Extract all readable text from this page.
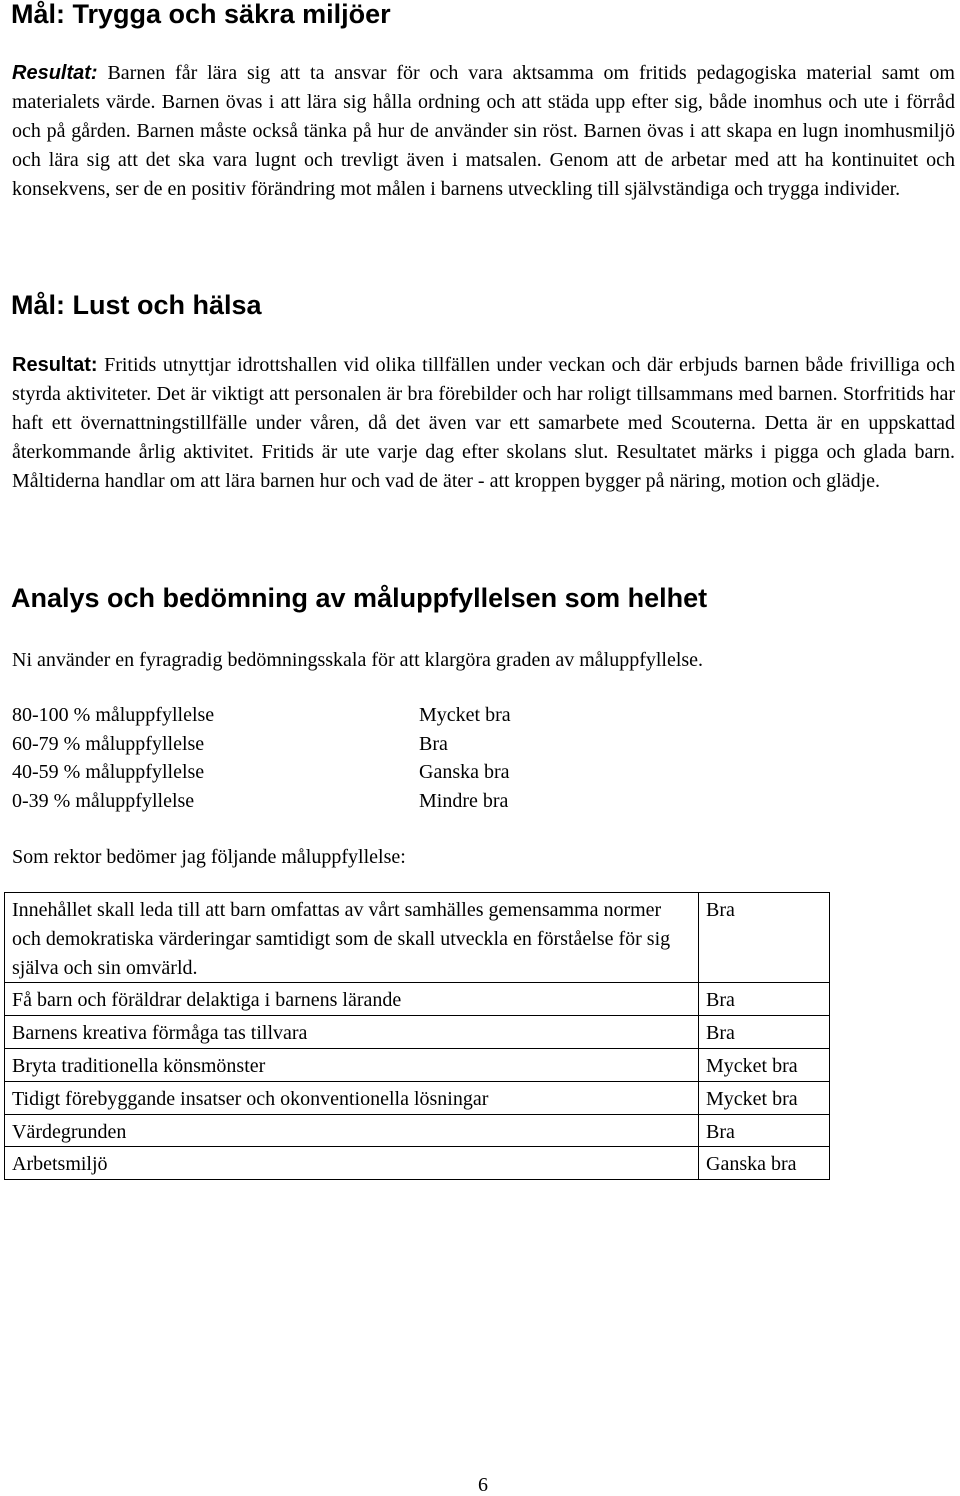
Mål: Trygga och säkra miljöer

Resultat: Barnen får lära sig att ta ansvar för och vara aktsamma om fritids pedagogiska material samt om materialets värde. Barnen övas i att lära sig hålla ordning och att städa upp efter sig, både inomhus och ute i förråd och på gården. Barnen måste också tänka på hur de använder sin röst. Barnen övas i att skapa en lugn inomhusmiljö och lära sig att det ska vara lugnt och trevligt även i matsalen. Genom att de arbetar med att ha kontinuitet och konsekvens, ser de en positiv förändring mot målen i barnens utveckling till självständiga och trygga individer.

Mål: Lust och hälsa

Resultat: Fritids utnyttjar idrottshallen vid olika tillfällen under veckan och där erbjuds barnen både frivilliga och styrda aktiviteter. Det är viktigt att personalen är bra förebilder och har roligt tillsammans med barnen. Storfritids har haft ett övernattningstillfälle under våren, då det även var ett samarbete med Scouterna. Detta är en uppskattad återkommande årlig aktivitet. Fritids är ute varje dag efter skolans slut. Resultatet märks i pigga och glada barn. Måltiderna handlar om att lära barnen hur och vad de äter - att kroppen bygger på näring, motion och glädje.

Analys och bedömning av måluppfyllelsen som helhet

Ni använder en fyragradig bedömningsskala för att klargöra graden av måluppfyllelse.

80-100 % måluppfyllelse	Mycket bra
60-79 % måluppfyllelse	Bra
40-59 % måluppfyllelse	Ganska bra
0-39 % måluppfyllelse	Mindre bra

Som rektor bedömer jag följande måluppfyllelse:

Innehållet skall leda till att barn omfattas av vårt samhälles gemensamma normer och demokratiska värderingar samtidigt som de skall utveckla en förståelse för sig själva och sin omvärld.	Bra
Få barn och föräldrar delaktiga i barnens lärande	Bra
Barnens kreativa förmåga tas tillvara	Bra
Bryta traditionella könsmönster	Mycket bra
Tidigt förebyggande insatser och okonventionella lösningar	Mycket bra
Värdegrunden	Bra
Arbetsmiljö	Ganska bra
6
